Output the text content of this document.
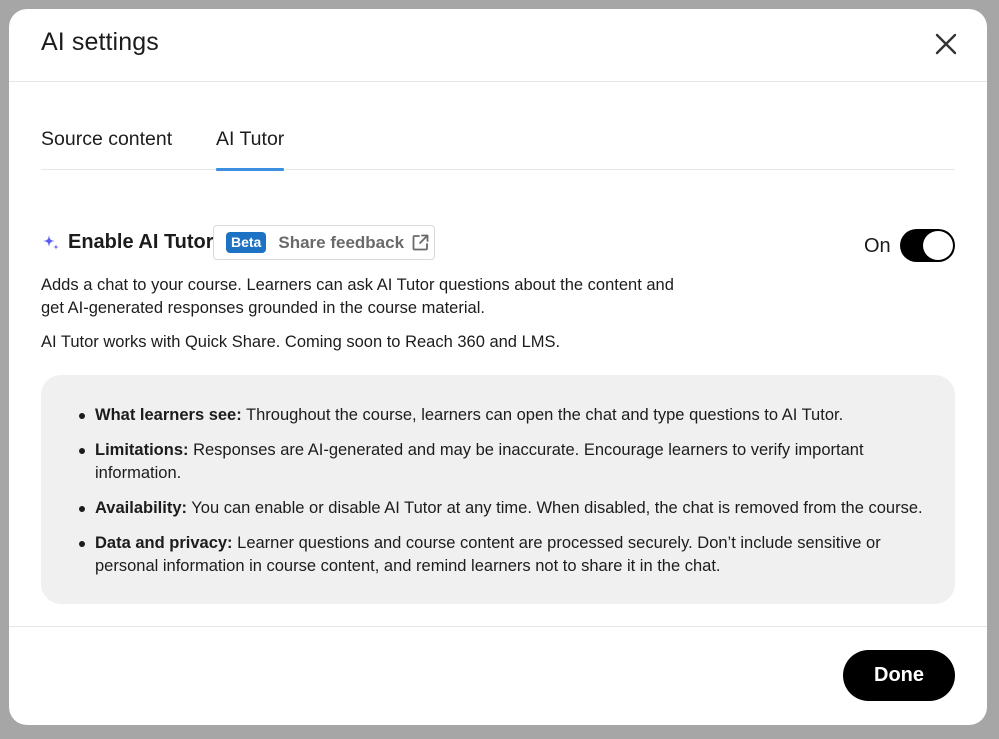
AI settings
Source content AI Tutor
Enable AI Tutor	Beta Share feedback	On
Adds a chat to your course. Learners can ask AI Tutor questions about the content and get AI-generated responses grounded in the course material.
AI Tutor works with Quick Share. Coming soon to Reach 360 and LMS.
What learners see: Throughout the course, learners can open the chat and type questions to AI Tutor.
Limitations: Responses are AI-generated and may be inaccurate. Encourage learners to verify important information.
Availability: You can enable or disable AI Tutor at any time. When disabled, the chat is removed from the course.
Data and privacy: Learner questions and course content are processed securely. Don’t include sensitive or personal information in course content, and remind learners not to share it in the chat.
Done
